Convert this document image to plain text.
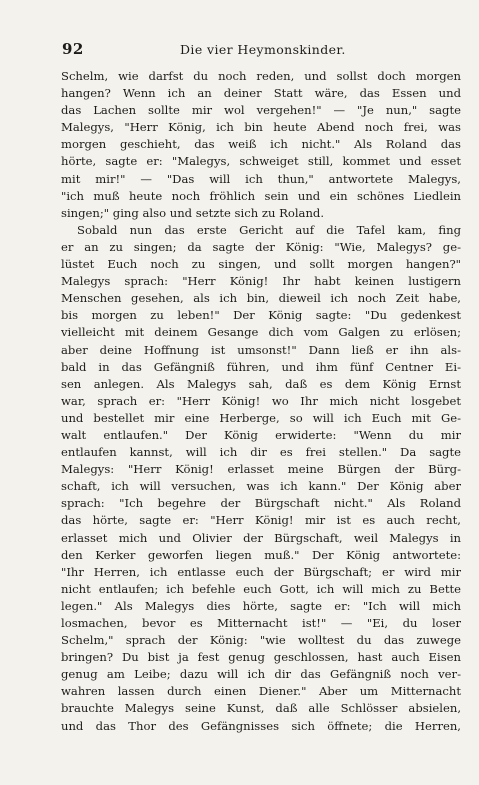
92	Die vier Heymonskinder.
Schelm, wie darfst du noch reden, und sollst doch morgen
hangen? Wenn ich an deiner Statt wäre, das Essen und
das Lachen sollte mir wol vergehen!" — "Je nun," sagte
Malegys, "Herr König, ich bin heute Abend noch frei, was
morgen geschieht, das weiß ich nicht." Als Roland das
hörte, sagte er: "Malegys, schweiget still, kommet und esset
mit mir!" — "Das will ich thun," antwortete Malegys,
"ich muß heute noch fröhlich sein und ein schönes Liedlein
singen;" ging also und setzte sich zu Roland.
Sobald nun das erste Gericht auf die Tafel kam, fing
er an zu singen; da sagte der König: "Wie, Malegys? ge-
lüstet Euch noch zu singen, und sollt morgen hangen?"
Malegys sprach: "Herr König! Ihr habt keinen lustigern
Menschen gesehen, als ich bin, dieweil ich noch Zeit habe,
bis morgen zu leben!" Der König sagte: "Du gedenkest
vielleicht mit deinem Gesange dich vom Galgen zu erlösen;
aber deine Hoffnung ist umsonst!" Dann ließ er ihn als-
bald in das Gefängniß führen, und ihm fünf Centner Ei-
sen anlegen. Als Malegys sah, daß es dem König Ernst
war, sprach er: "Herr König! wo Ihr mich nicht losgebet
und bestellet mir eine Herberge, so will ich Euch mit Ge-
walt entlaufen." Der König erwiderte: "Wenn du mir
entlaufen kannst, will ich dir es frei stellen." Da sagte
Malegys: "Herr König! erlasset meine Bürgen der Bürg-
schaft, ich will versuchen, was ich kann." Der König aber
sprach: "Ich begehre der Bürgschaft nicht." Als Roland
das hörte, sagte er: "Herr König! mir ist es auch recht,
erlasset mich und Olivier der Bürgschaft, weil Malegys in
den Kerker geworfen liegen muß." Der König antwortete:
"Ihr Herren, ich entlasse euch der Bürgschaft; er wird mir
nicht entlaufen; ich befehle euch Gott, ich will mich zu Bette
legen." Als Malegys dies hörte, sagte er: "Ich will mich
losmachen, bevor es Mitternacht ist!" — "Ei, du loser
Schelm," sprach der König: "wie wolltest du das zuwege
bringen? Du bist ja fest genug geschlossen, hast auch Eisen
genug am Leibe; dazu will ich dir das Gefängniß noch ver-
wahren lassen durch einen Diener." Aber um Mitternacht
brauchte Malegys seine Kunst, daß alle Schlösser absielen,
und das Thor des Gefängnisses sich öffnete; die Herren,
